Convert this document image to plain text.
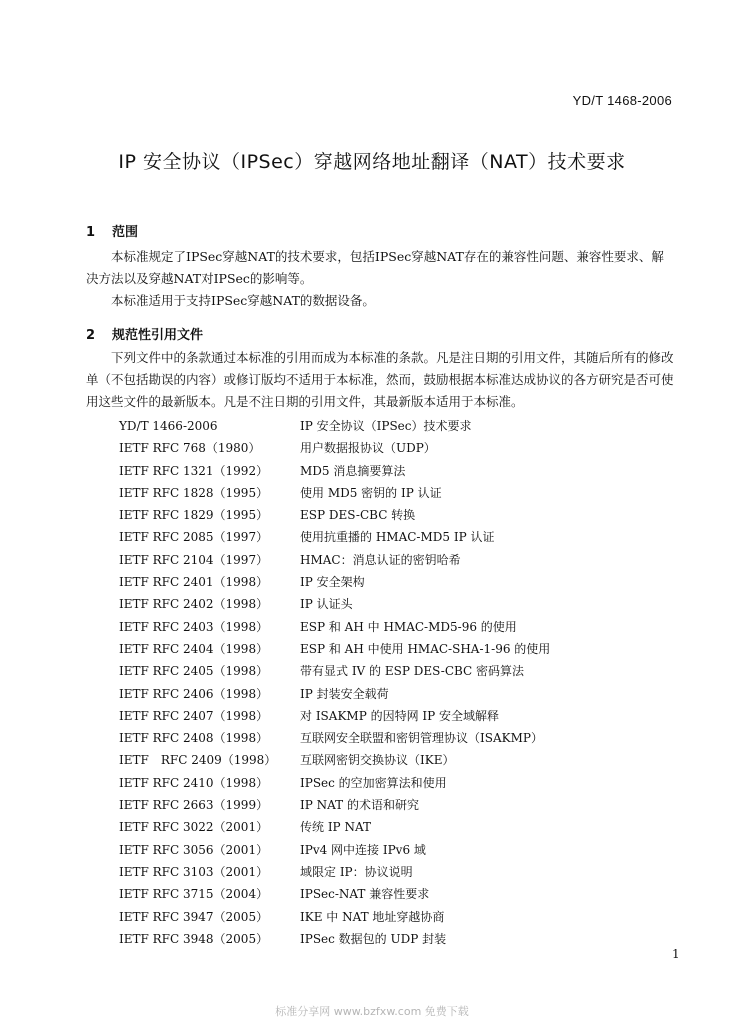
YD/T 1468-2006
IP 安全协议（IPSec）穿越网络地址翻译（NAT）技术要求
1 范围
本标准规定了IPSec穿越NAT的技术要求，包括IPSec穿越NAT存在的兼容性问题、兼容性要求、解决方法以及穿越NAT对IPSec的影响等。
本标准适用于支持IPSec穿越NAT的数据设备。
2 规范性引用文件
下列文件中的条款通过本标准的引用而成为本标准的条款。凡是注日期的引用文件，其随后所有的修改单（不包括勘误的内容）或修订版均不适用于本标准，然而，鼓励根据本标准达成协议的各方研究是否可使用这些文件的最新版本。凡是不注日期的引用文件，其最新版本适用于本标准。
YD/T 1466-2006	IP 安全协议（IPSec）技术要求
IETF RFC 768（1980）	用户数据报协议（UDP）
IETF RFC 1321（1992）	MD5 消息摘要算法
IETF RFC 1828（1995）	使用 MD5 密钥的 IP 认证
IETF RFC 1829（1995）	ESP DES-CBC 转换
IETF RFC 2085（1997）	使用抗重播的 HMAC-MD5 IP 认证
IETF RFC 2104（1997）	HMAC：消息认证的密钥哈希
IETF RFC 2401（1998）	IP 安全架构
IETF RFC 2402（1998）	IP 认证头
IETF RFC 2403（1998）	ESP 和 AH 中 HMAC-MD5-96 的使用
IETF RFC 2404（1998）	ESP 和 AH 中使用 HMAC-SHA-1-96 的使用
IETF RFC 2405（1998）	带有显式 IV 的 ESP DES-CBC 密码算法
IETF RFC 2406（1998）	IP 封装安全载荷
IETF RFC 2407（1998）	对 ISAKMP 的因特网 IP 安全域解释
IETF RFC 2408（1998）	互联网安全联盟和密钥管理协议（ISAKMP）
IETF　RFC 2409（1998） 互联网密钥交换协议（IKE）
IETF RFC 2410（1998）	IPSec 的空加密算法和使用
IETF RFC 2663（1999）	IP NAT 的术语和研究
IETF RFC 3022（2001）	传统 IP NAT
IETF RFC 3056（2001）	IPv4 网中连接 IPv6 域
IETF RFC 3103（2001）	域限定 IP：协议说明
IETF RFC 3715（2004）	IPSec-NAT 兼容性要求
IETF RFC 3947（2005）	IKE 中 NAT 地址穿越协商
IETF RFC 3948（2005）	IPSec 数据包的 UDP 封装
1
标准分享网 www.bzfxw.com 免费下载
